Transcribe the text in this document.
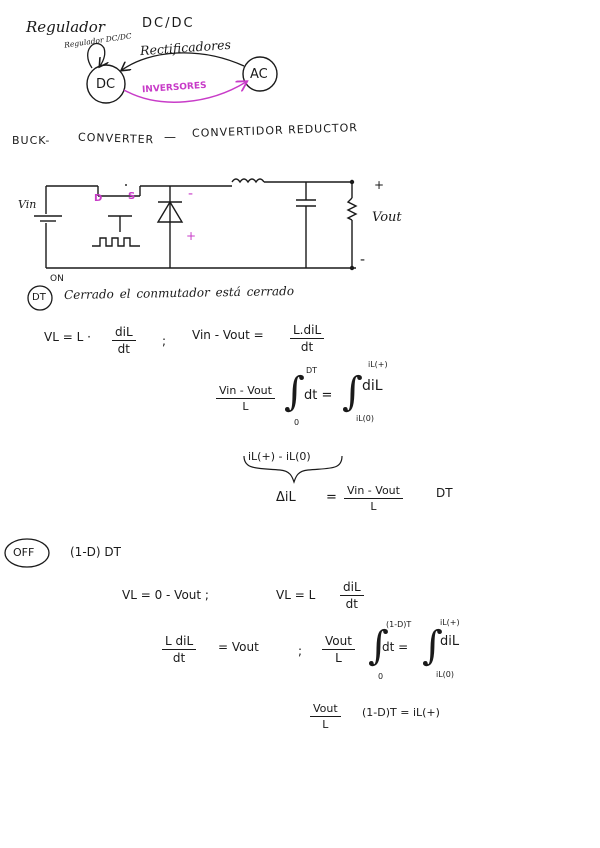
Regulador	DC/DC
Regulador DC/DC Rectificadores
DC
AC
INVERSORES
BUCK- CONVERTER — CONVERTIDOR REDUCTOR
Vin	D	S	-
+
+
Vout
-
ON
DT Cerrado el conmutador está cerrado
VL = L · diL
dt
; Vin - Vout = L.diL
dt
Vin - Vout
L ∫ DT
0
dt = ∫
iL(+)
iL(0)
diL
iL(+) - iL(0)
ΔiL = Vin - Vout
L
DT
OFF	(1-D) DT
VL = 0 - Vout ;	VL = L
diL
dt
L diL
dt
= Vout	;
Vout
L ∫
(1-D)T
0
dt = ∫
iL(+)
iL(0)
diL
Vout
L
(1-D)T = iL(+)
